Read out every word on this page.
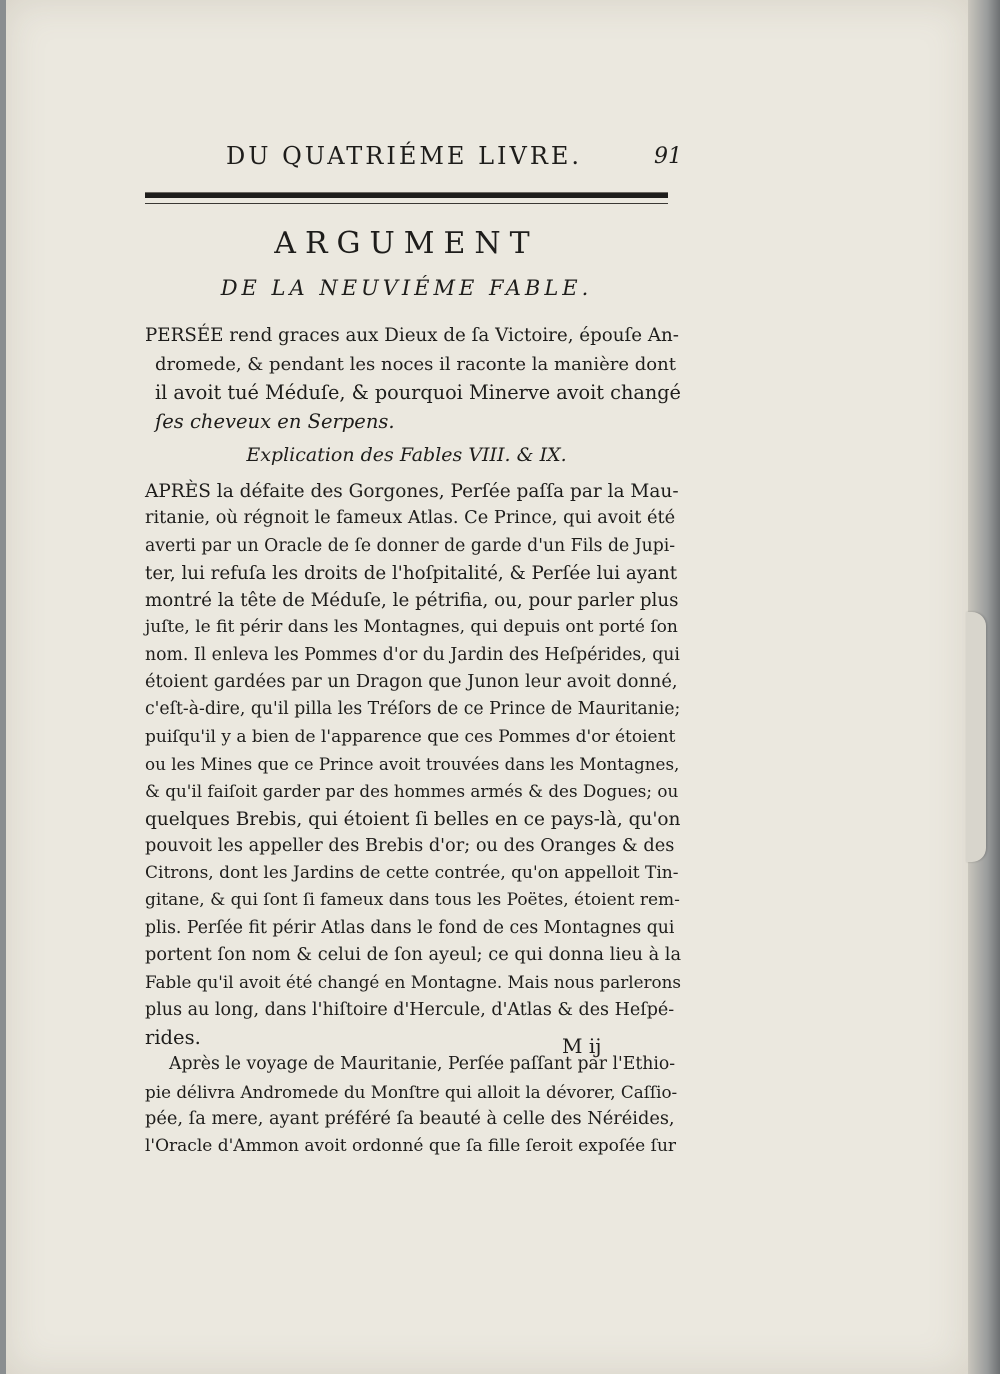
DU QUATRIÉME LIVRE.	91
ARGUMENT
DE LA NEUVIÉME FABLE.
PERSÉE rend graces aux Dieux de ſa Victoire, épouſe An-
dromede, & pendant les noces il raconte la manière dont
il avoit tué Méduſe, & pourquoi Minerve avoit changé
ſes cheveux en Serpens.
Explication des Fables VIII. & IX.
APRÈS la défaite des Gorgones, Perſée paſſa par la Mau-
ritanie, où régnoit le fameux Atlas. Ce Prince, qui avoit été
averti par un Oracle de ſe donner de garde d'un Fils de Jupi-
ter, lui refuſa les droits de l'hoſpitalité, & Perſée lui ayant
montré la tête de Méduſe, le pétrifia, ou, pour parler plus
juſte, le fit périr dans les Montagnes, qui depuis ont porté ſon
nom. Il enleva les Pommes d'or du Jardin des Heſpérides, qui
étoient gardées par un Dragon que Junon leur avoit donné,
c'eſt-à-dire, qu'il pilla les Tréſors de ce Prince de Mauritanie;
puiſqu'il y a bien de l'apparence que ces Pommes d'or étoient
ou les Mines que ce Prince avoit trouvées dans les Montagnes,
& qu'il faiſoit garder par des hommes armés & des Dogues; ou
quelques Brebis, qui étoient ſi belles en ce pays-là, qu'on
pouvoit les appeller des Brebis d'or; ou des Oranges & des
Citrons, dont les Jardins de cette contrée, qu'on appelloit Tin-
gitane, & qui ſont ſi fameux dans tous les Poëtes, étoient rem-
plis. Perſée fit périr Atlas dans le fond de ces Montagnes qui
portent ſon nom & celui de ſon ayeul; ce qui donna lieu à la
Fable qu'il avoit été changé en Montagne. Mais nous parlerons
plus au long, dans l'hiſtoire d'Hercule, d'Atlas & des Heſpé-
rides.
Après le voyage de Mauritanie, Perſée paſſant par l'Ethio-
pie délivra Andromede du Monſtre qui alloit la dévorer, Caſſio-
pée, ſa mere, ayant préféré ſa beauté à celle des Néréides,
l'Oracle d'Ammon avoit ordonné que ſa fille ſeroit expoſée ſur
M ij
